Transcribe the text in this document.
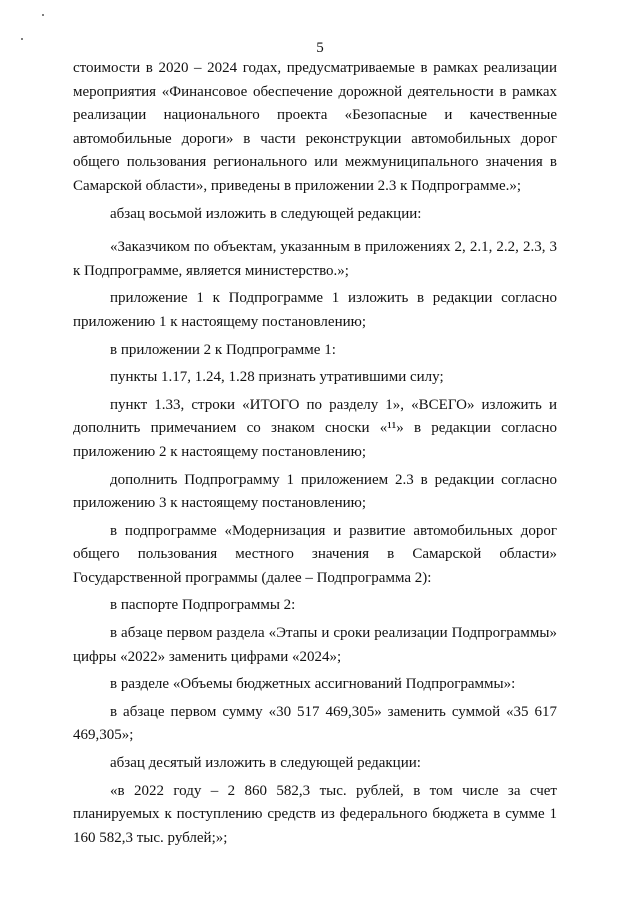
5

стоимости в 2020 – 2024 годах, предусматриваемые в рамках реализации мероприятия «Финансовое обеспечение дорожной деятельности в рамках реализации национального проекта «Безопасные и качественные автомобильные дороги» в части реконструкции автомобильных дорог общего пользования регионального или межмуниципального значения в Самарской области», приведены в приложении 2.3 к Подпрограмме.»;

абзац восьмой изложить в следующей редакции:

«Заказчиком по объектам, указанным в приложениях 2, 2.1, 2.2, 2.3, 3 к Подпрограмме, является министерство.»;

приложение 1 к Подпрограмме 1 изложить в редакции согласно приложению 1 к настоящему постановлению;

в приложении 2 к Подпрограмме 1:

пункты 1.17, 1.24, 1.28 признать утратившими силу;

пункт 1.33, строки «ИТОГО по разделу 1», «ВСЕГО» изложить и дополнить примечанием со знаком сноски «¹¹» в редакции согласно приложению 2 к настоящему постановлению;

дополнить Подпрограмму 1 приложением 2.3 в редакции согласно приложению 3 к настоящему постановлению;

в подпрограмме «Модернизация и развитие автомобильных дорог общего пользования местного значения в Самарской области» Государственной программы (далее – Подпрограмма 2):

в паспорте Подпрограммы 2:

в абзаце первом раздела «Этапы и сроки реализации Подпрограммы» цифры «2022» заменить цифрами «2024»;

в разделе «Объемы бюджетных ассигнований Подпрограммы»:

в абзаце первом сумму «30 517 469,305» заменить суммой «35 617 469,305»;

абзац десятый изложить в следующей редакции:

«в 2022 году – 2 860 582,3 тыс. рублей, в том числе за счет планируемых к поступлению средств из федерального бюджета в сумме 1 160 582,3 тыс. рублей;»;
